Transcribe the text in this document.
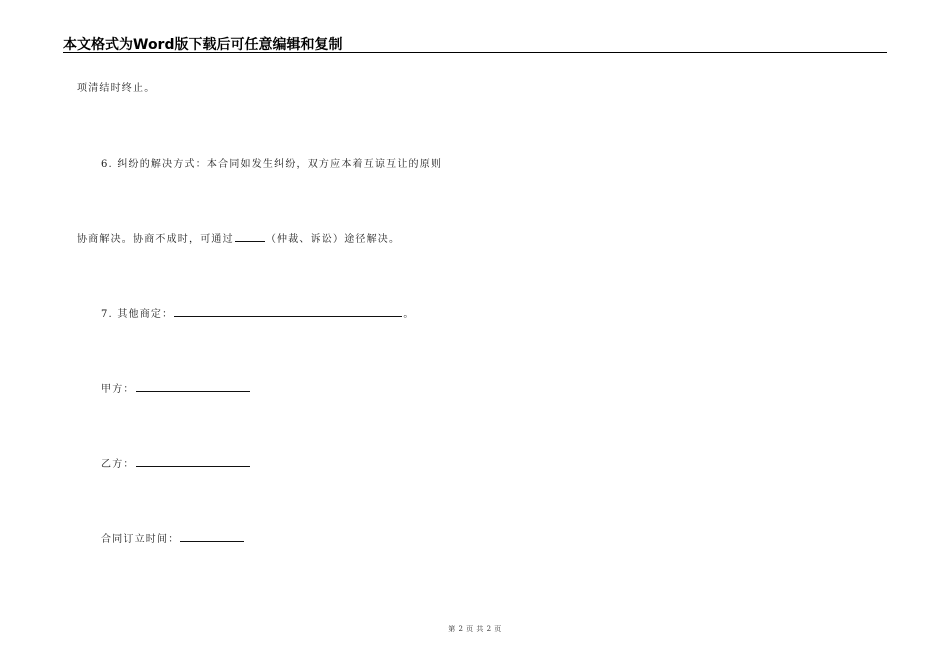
本文格式为Word版下载后可任意编辑和复制
项清结时终止。
6. 纠纷的解决方式：本合同如发生纠纷，双方应本着互谅互让的原则
协商解决。协商不成时，可通过	（仲裁、诉讼）途径解决。
7. 其他商定：	。
甲方：
乙方：
合同订立时间：
第 2 页 共 2 页
